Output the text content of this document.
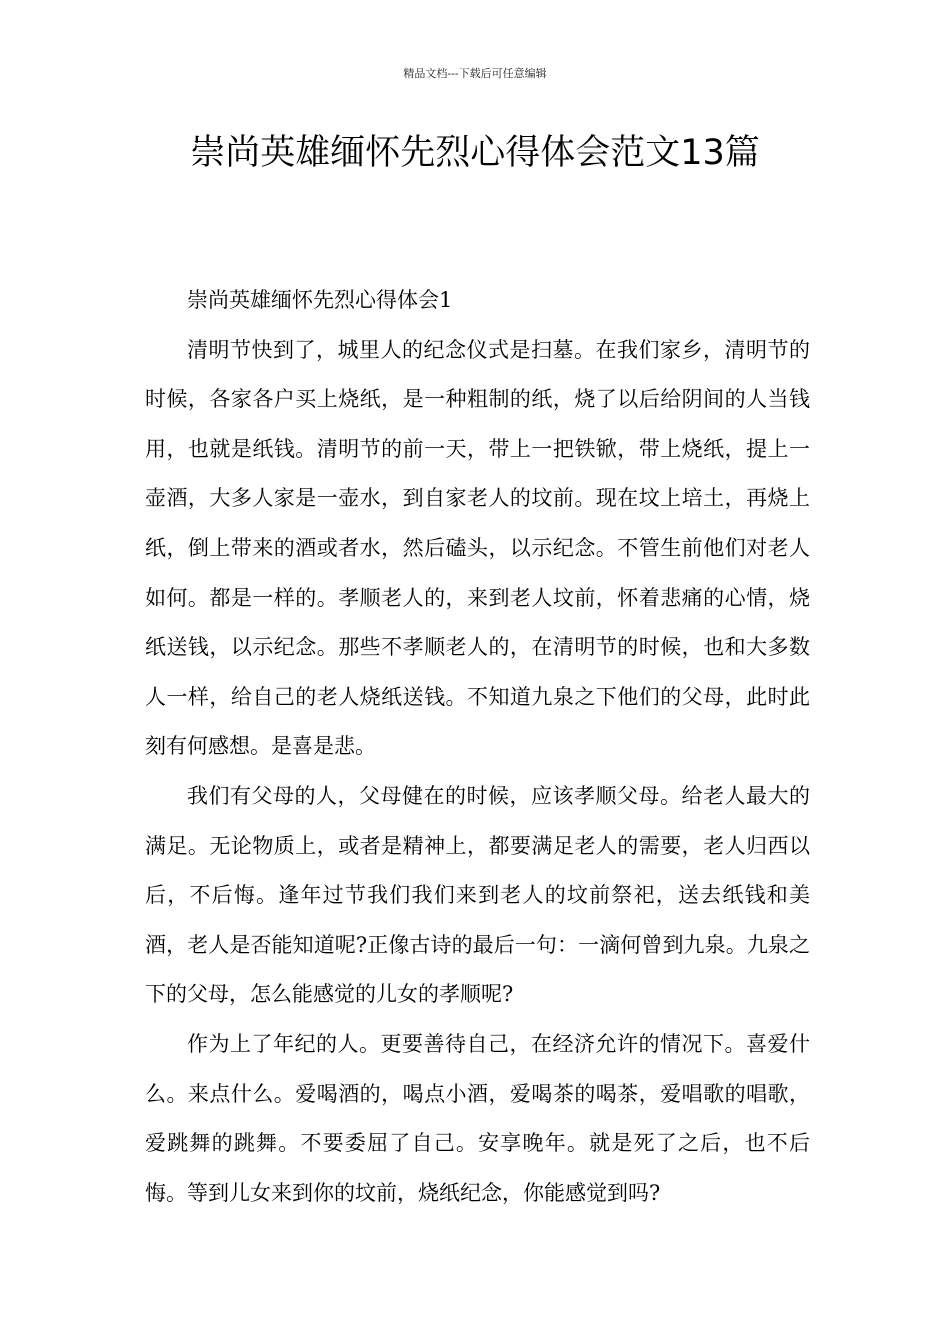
精品文档---下载后可任意编辑
崇尚英雄缅怀先烈心得体会范文13篇

崇尚英雄缅怀先烈心得体会1

清明节快到了，城里人的纪念仪式是扫墓。在我们家乡，清明节的时候，各家各户买上烧纸，是一种粗制的纸，烧了以后给阴间的人当钱用，也就是纸钱。清明节的前一天，带上一把铁锨，带上烧纸，提上一壶酒，大多人家是一壶水，到自家老人的坟前。现在坟上培土，再烧上纸，倒上带来的酒或者水，然后磕头，以示纪念。不管生前他们对老人如何。都是一样的。孝顺老人的，来到老人坟前，怀着悲痛的心情，烧纸送钱，以示纪念。那些不孝顺老人的，在清明节的时候，也和大多数人一样，给自己的老人烧纸送钱。不知道九泉之下他们的父母，此时此刻有何感想。是喜是悲。

我们有父母的人，父母健在的时候，应该孝顺父母。给老人最大的满足。无论物质上，或者是精神上，都要满足老人的需要，老人归西以后，不后悔。逢年过节我们我们来到老人的坟前祭祀，送去纸钱和美酒，老人是否能知道呢?正像古诗的最后一句：一滴何曾到九泉。九泉之下的父母，怎么能感觉的儿女的孝顺呢?

作为上了年纪的人。更要善待自己，在经济允许的情况下。喜爱什么。来点什么。爱喝酒的，喝点小酒，爱喝茶的喝茶，爱唱歌的唱歌，爱跳舞的跳舞。不要委屈了自己。安享晚年。就是死了之后，也不后悔。等到儿女来到你的坟前，烧纸纪念，你能感觉到吗?
